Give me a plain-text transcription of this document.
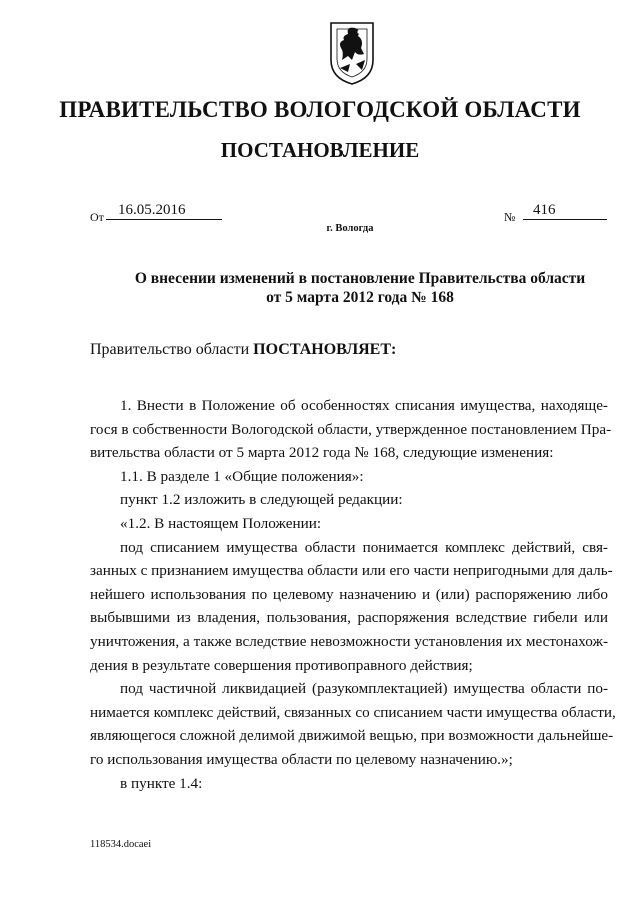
ПРАВИТЕЛЬСТВО ВОЛОГОДСКОЙ ОБЛАСТИ
ПОСТАНОВЛЕНИЕ
От 16.05.2016	№	416
г. Вологда
О внесении изменений в постановление Правительства области
от 5 марта 2012 года № 168
Правительство области ПОСТАНОВЛЯЕТ:
1. Внести в Положение об особенностях списания имущества, находяще-
гося в собственности Вологодской области, утвержденное постановлением Пра-
вительства области от 5 марта 2012 года № 168, следующие изменения:
1.1. В разделе 1 «Общие положения»:
пункт 1.2 изложить в следующей редакции:
«1.2. В настоящем Положении:
под списанием имущества области понимается комплекс действий, свя-
занных с признанием имущества области или его части непригодными для даль-
нейшего использования по целевому назначению и (или) распоряжению либо
выбывшими из владения, пользования, распоряжения вследствие гибели или
уничтожения, а также вследствие невозможности установления их местонахож-
дения в результате совершения противоправного действия;
под частичной ликвидацией (разукомплектацией) имущества области по-
нимается комплекс действий, связанных со списанием части имущества области,
являющегося сложной делимой движимой вещью, при возможности дальнейше-
го использования имущества области по целевому назначению.»;
в пункте 1.4:
118534.docaei
